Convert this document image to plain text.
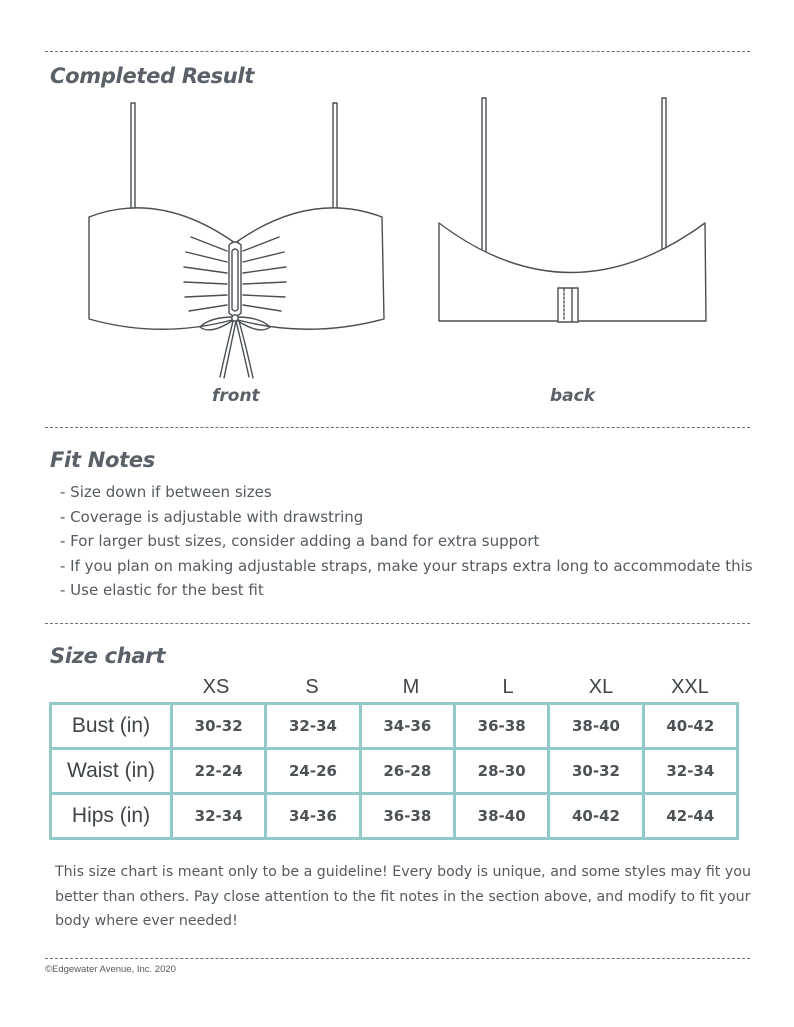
Completed Result
front	back
Fit Notes
- Size down if between sizes
- Coverage is adjustable with drawstring
- For larger bust sizes, consider adding a band for extra support
- If you plan on making adjustable straps, make your straps extra long to accommodate this
- Use elastic for the best fit
Size chart
XS	S	M	L	XL	XXL
Bust (in)	30-32	32-34	34-36	36-38	38-40	40-42
Waist (in)	22-24	24-26	26-28	28-30	30-32	32-34
Hips (in)	32-34	34-36	36-38	38-40	40-42	42-44

This size chart is meant only to be a guideline! Every body is unique, and some styles may fit you better than others. Pay close attention to the fit notes in the section above, and modify to fit your body where ever needed!

©Edgewater Avenue, Inc. 2020
